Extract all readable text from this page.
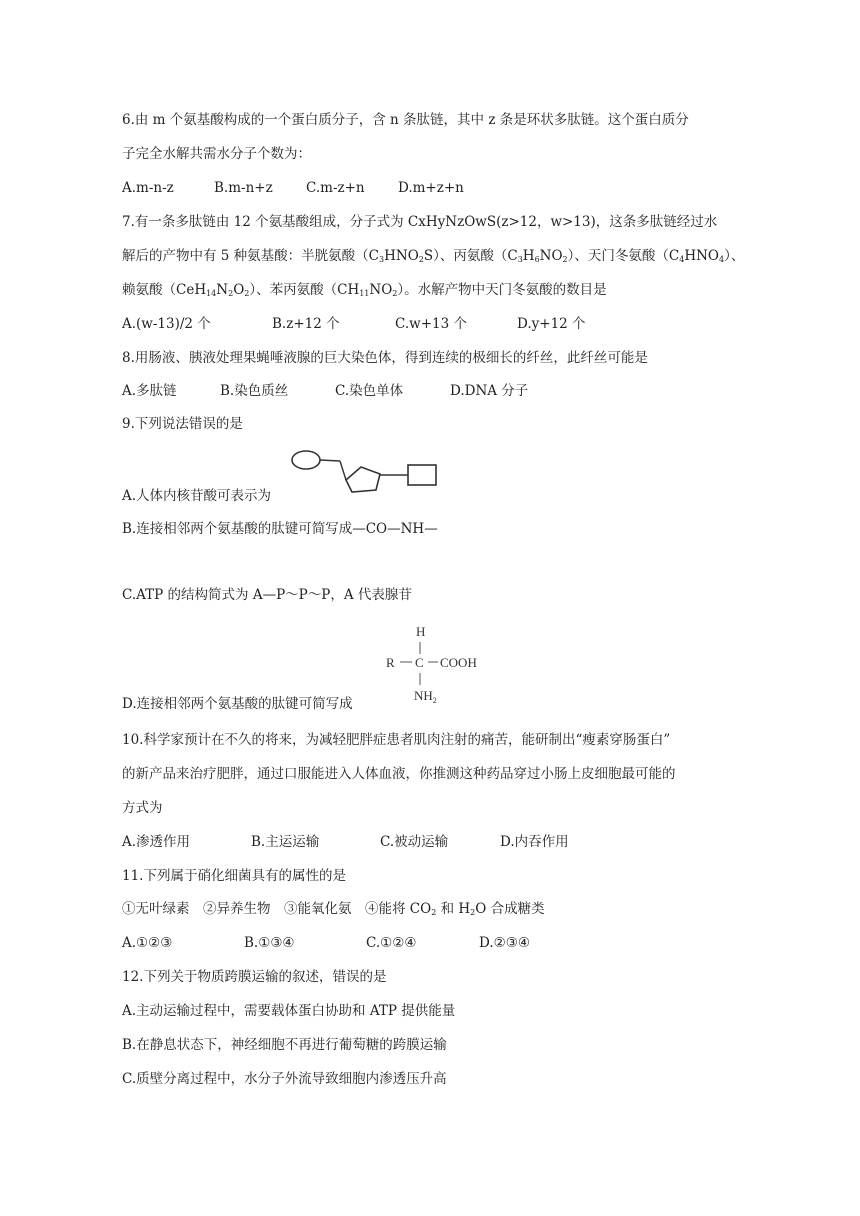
6.由 m 个氨基酸构成的一个蛋白质分子，含 n 条肽链，其中 z 条是环状多肽链。这个蛋白质分
子完全水解共需水分子个数为：
A.m-n-z	B.m-n+z C.m-z+n D.m+z+n
7.有一条多肽链由 12 个氨基酸组成，分子式为 CxHyNzOwS(z>12，w>13)，这条多肽链经过水
解后的产物中有 5 种氨基酸：半胱氨酸$(C_3HNO_2S)$、丙氨酸$(C_3H_6NO_2)$、天门冬氨酸$(C_4HNO_4)$、
赖氨酸$(CeH_{14}N_2O_2)$、苯丙氨酸$(CH_{11}NO_2)$。水解产物中天门冬氨酸的数目是
A.(w-13)/2 个	B.z+12 个	C.w+13 个	D.y+12 个
8.用肠液、胰液处理果蝇唾液腺的巨大染色体，得到连续的极细长的纤丝，此纤丝可能是
A.多肽链	B.染色质丝	C.染色单体	D.DNA 分子
9.下列说法错误的是
A.人体内核苷酸可表示为
B.连接相邻两个氨基酸的肽键可简写成—CO—NH—
C.ATP 的结构简式为 A—P～P～P，A 代表腺苷
H
R C COOH
$NH_2$
D.连接相邻两个氨基酸的肽键可简写成
10.科学家预计在不久的将来，为减轻肥胖症患者肌肉注射的痛苦，能研制出“瘦素穿肠蛋白”
的新产品来治疗肥胖，通过口服能进入人体血液，你推测这种药品穿过小肠上皮细胞最可能的
方式为
A.渗透作用	B.主运运输	C.被动运输	D.内吞作用
11.下列属于硝化细菌具有的属性的是
①无叶绿素　②异养生物　③能氧化氨　④能将 $CO_2$ 和 $H_2O$ 合成糖类
A.①②③	B.①③④	C.①②④	D.②③④
12.下列关于物质跨膜运输的叙述，错误的是
A.主动运输过程中，需要载体蛋白协助和 ATP 提供能量
B.在静息状态下，神经细胞不再进行葡萄糖的跨膜运输
C.质壁分离过程中，水分子外流导致细胞内渗透压升高
